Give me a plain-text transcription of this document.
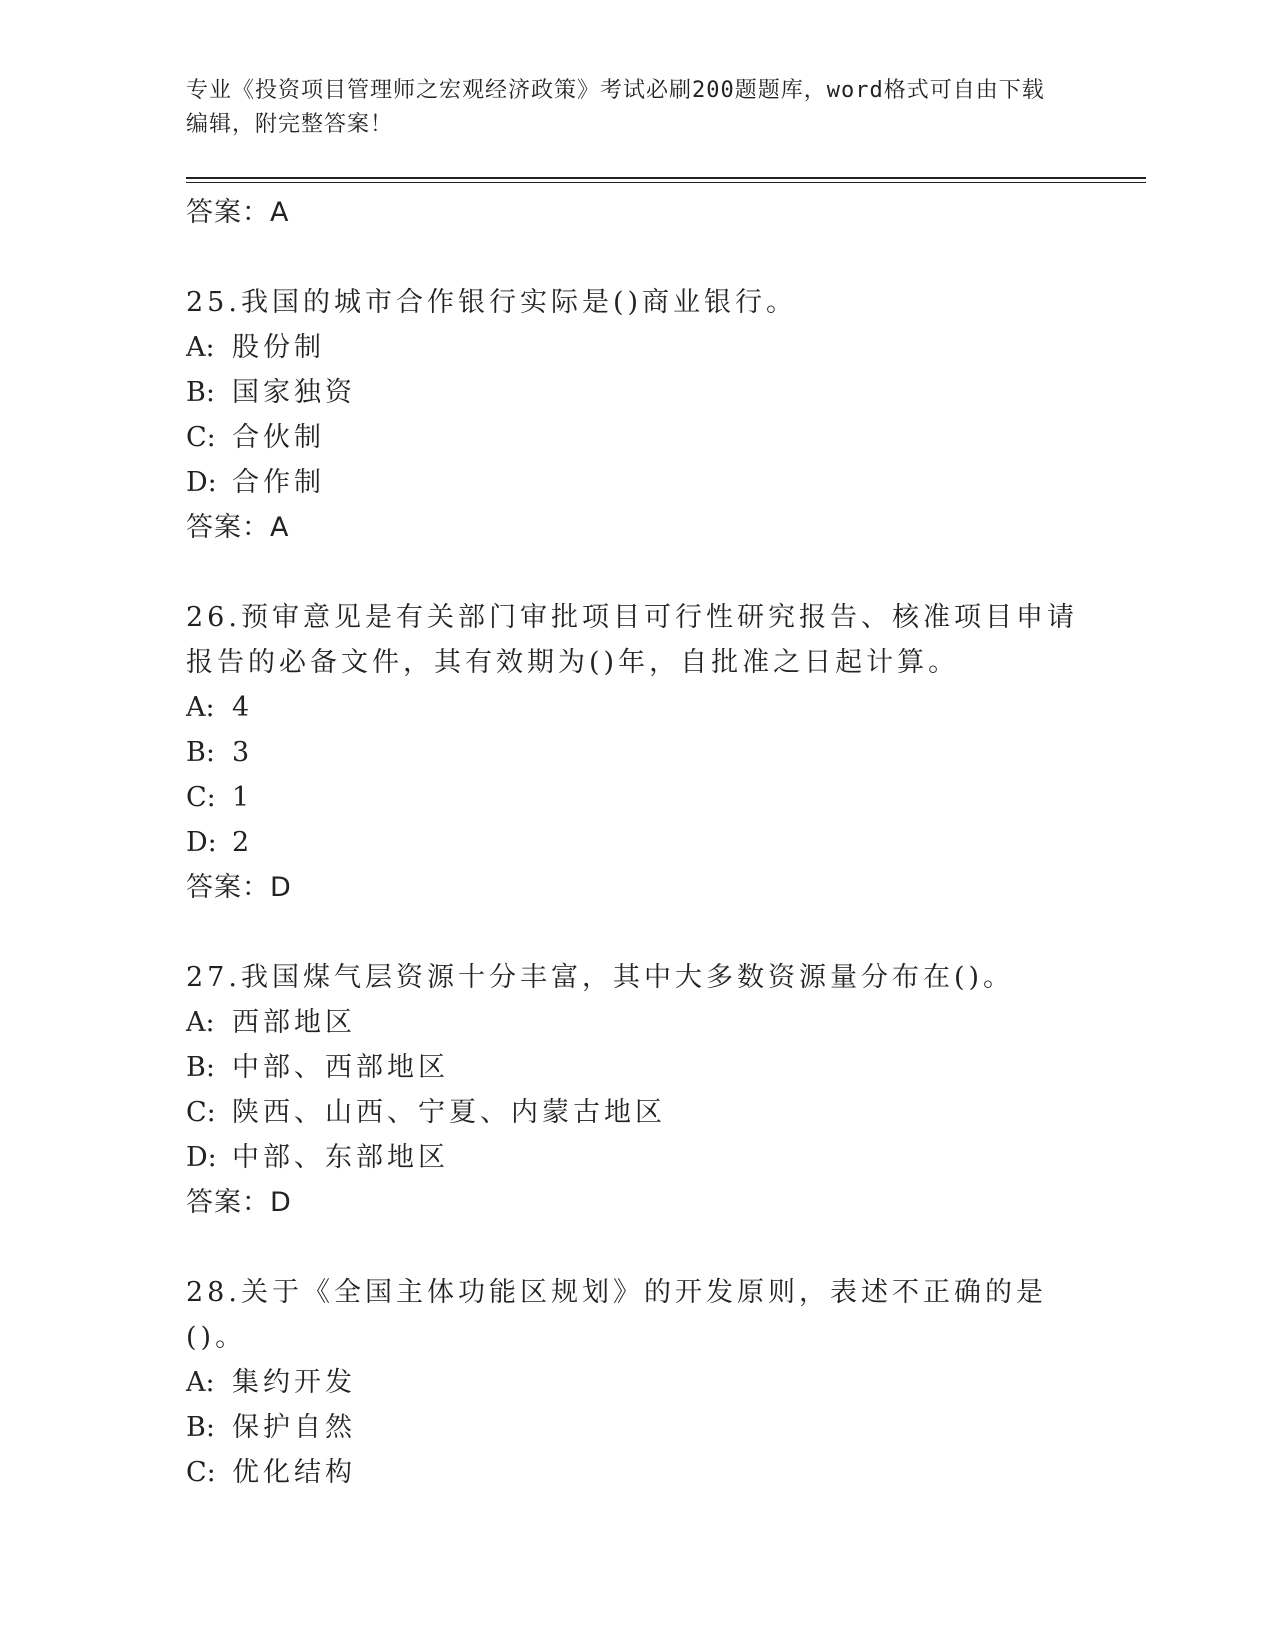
专业《投资项目管理师之宏观经济政策》考试必刷200题题库，word格式可自由下载编辑，附完整答案！
答案：A
25.我国的城市合作银行实际是()商业银行。
A: 股份制
B: 国家独资
C: 合伙制
D: 合作制
答案：A
26.预审意见是有关部门审批项目可行性研究报告、核准项目申请报告的必备文件，其有效期为()年，自批准之日起计算。
A: 4
B: 3
C: 1
D: 2
答案：D
27.我国煤气层资源十分丰富，其中大多数资源量分布在()。
A: 西部地区
B: 中部、西部地区
C: 陕西、山西、宁夏、内蒙古地区
D: 中部、东部地区
答案：D
28.关于《全国主体功能区规划》的开发原则，表述不正确的是()。
A: 集约开发
B: 保护自然
C: 优化结构
